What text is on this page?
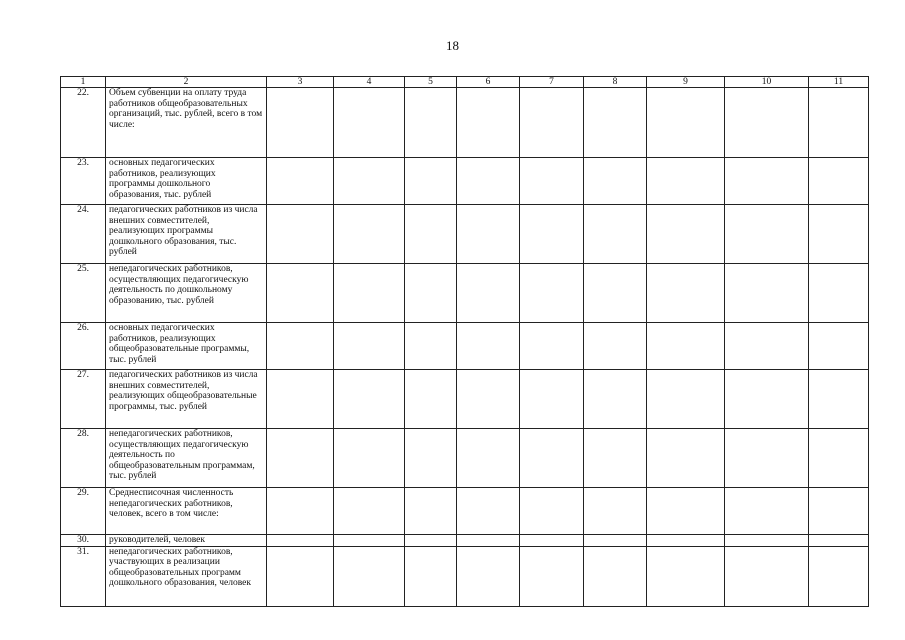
18
1	2	3	4	5	6	7	8	9	10	11
22.	Объем субвенции на оплату труда работников общеобразовательных организаций, тыс. рублей, всего в том числе:									
23.	основных педагогических работников, реализующих программы дошкольного образования, тыс. рублей									
24.	педагогических работников из числа внешних совместителей, реализующих программы дошкольного образования, тыс. рублей									
25.	непедагогических работников, осуществляющих педагогическую деятельность по дошкольному образованию, тыс. рублей									
26.	основных педагогических работников, реализующих общеобразовательные программы, тыс. рублей									
27.	педагогических работников из числа внешних совместителей, реализующих общеобразовательные программы, тыс. рублей									
28.	непедагогических работников, осуществляющих педагогическую деятельность по общеобразовательным программам, тыс. рублей									
29.	Среднесписочная численность непедагогических работников, человек, всего в том числе:									
30.	руководителей, человек									
31.	непедагогических работников, участвующих в реализации общеобразовательных программ дошкольного образования, человек									
